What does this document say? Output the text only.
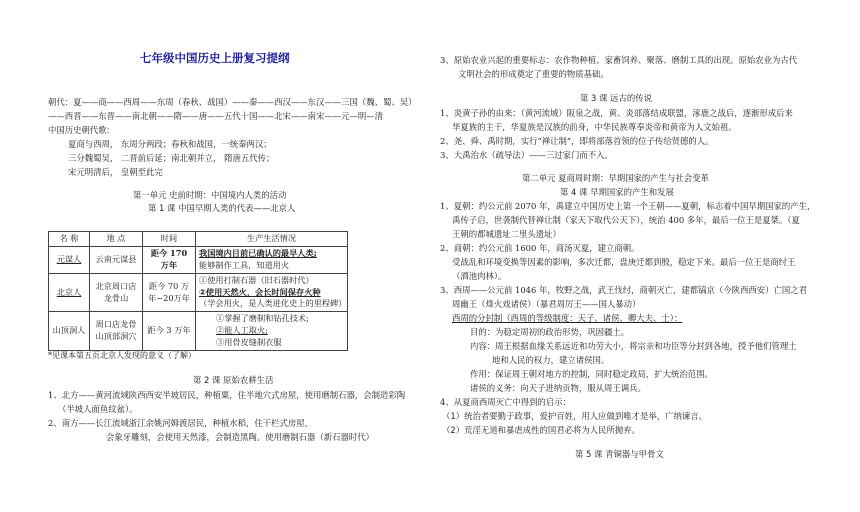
七年级中国历史上册复习提纲
朝代：夏——商——西周——东周（春秋、战国）——秦——西汉——东汉——三国（魏、蜀、吴）
——西晋——东晋——南北朝——隋——唐——五代十国——北宋——南宋——元—明—清
中国历史朝代歌:
夏商与西周， 东周分两段；春秋和战国，一统秦两汉；
三分魏蜀吴， 二晋前后延；南北朝并立， 隋唐五代传；
宋元明清后， 皇朝至此完
第一单元 史前时期：中国境内人类的活动
第 1 课 中国早期人类的代表——北京人
名 称	地 点	时间	生产生活情况
元谋人	云南元谋县	距今 170 万年	我国境内目前已确认的最早人类;
能够制作工具，知道用火

北京人	北京周口店龙骨山	距今 70 万年~20万年	①使用打制石器（旧石器时代）
②使用天然火，会长时间保存火种
（学会用火，是人类进化史上的里程碑）

山顶洞人	周口店龙骨山顶部洞穴	距今 3 万年	①掌握了磨制和钻孔技术;
②能人工取火;
③用骨皮缝制衣服
*见课本第五页北京人发现的意义（了解）
第 2 课 原始农耕生活
1、北方——黄河流域陕西西安半坡居民，种植粟，住半地穴式房屋，使用磨制石器，会制造彩陶
（半坡人面鱼纹盆）。
2、南方——长江流域浙江余姚河姆渡居民，种植水稻，住干栏式房屋，
会象牙雕刻，会使用天然漆，会制造黑陶。使用磨制石器（新石器时代）
3、原始农业兴起的重要标志：农作物种植、家畜饲养、聚落、磨制工具的出现。原始农业为古代
文明社会的形成奠定了重要的物质基础。
第 3 课 远古的传说
1、炎黄子孙的由来：（黄河流域）阪泉之战，黄、炎部落结成联盟，涿鹿之战后，逐渐形成后来
华夏族的主干，华夏族是汉族的前身，中华民族尊奉炎帝和黄帝为人文始祖。
2、尧、舜、禹时期，实行“禅让制”，即将部落首领的位子传给贤德的人。
3、大禹治水（疏导法）——三过家门而不入。
第二单元 夏商周时期：早期国家的产生与社会变革
第 4 课 早期国家的产生和发展
1、夏朝：约公元前 2070 年，禹建立中国历史上第一个王朝——夏朝，标志着中国早期国家的产生，
禹传子启，世袭制代替禅让制（家天下取代公天下），统治 400 多年，最后一位王是夏桀。（夏
王朝的都城遗址二里头遗址）
2、商朝：约公元前 1600 年，商汤灭夏，建立商朝。
受战乱和环境变换等因素的影响，多次迁都，盘庚迁都到殷，稳定下来。最后一位王是商纣王
（酒池肉林）。
3、西周——公元前 1046 年，牧野之战，武王伐纣，商朝灭亡，建都镐京（今陕西西安）亡国之君
周幽王（烽火戏诸侯）（暴君周厉王——国人暴动）
西周的分封制（西周的等级制度：天子、诸侯、卿大夫、士）：
目的：为稳定周初的政治形势，巩固疆土。
内容：周王根据血缘关系远近和功劳大小，将宗亲和功臣等分封到各地，授予他们管理土
地和人民的权力，建立诸侯国。
作用：保证周王朝对地方的控制，同时稳定政局，扩大统治范围。
诸侯的义务：向天子进纳贡物，服从周王调兵。
4、从夏商西周灭亡中得到的启示：
（1）统治者要勤于政事，爱护百姓，用人应做到唯才是举，广纳谏言。
（2）荒淫无道和暴虐成性的国君必将为人民所抛弃。
第 5 课 青铜器与甲骨文
